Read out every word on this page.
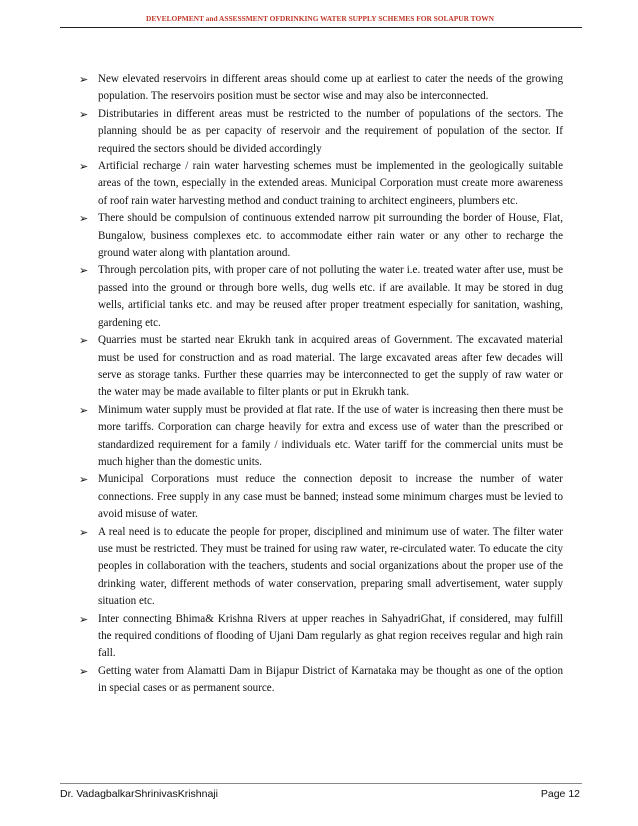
DEVELOPMENT and ASSESSMENT OFDRINKING WATER SUPPLY SCHEMES FOR SOLAPUR TOWN
➢ New elevated reservoirs in different areas should come up at earliest to cater the needs of the growing population. The reservoirs position must be sector wise and may also be interconnected.
➢ Distributaries in different areas must be restricted to the number of populations of the sectors. The planning should be as per capacity of reservoir and the requirement of population of the sector. If required the sectors should be divided accordingly
➢ Artificial recharge / rain water harvesting schemes must be implemented in the geologically suitable areas of the town, especially in the extended areas. Municipal Corporation must create more awareness of roof rain water harvesting method and conduct training to architect engineers, plumbers etc.
➢ There should be compulsion of continuous extended narrow pit surrounding the border of House, Flat, Bungalow, business complexes etc. to accommodate either rain water or any other to recharge the ground water along with plantation around.
➢ Through percolation pits, with proper care of not polluting the water i.e. treated water after use, must be passed into the ground or through bore wells, dug wells etc. if are available. It may be stored in dug wells, artificial tanks etc. and may be reused after proper treatment especially for sanitation, washing, gardening etc.
➢ Quarries must be started near Ekrukh tank in acquired areas of Government. The excavated material must be used for construction and as road material. The large excavated areas after few decades will serve as storage tanks. Further these quarries may be interconnected to get the supply of raw water or the water may be made available to filter plants or put in Ekrukh tank.
➢ Minimum water supply must be provided at flat rate. If the use of water is increasing then there must be more tariffs. Corporation can charge heavily for extra and excess use of water than the prescribed or standardized requirement for a family / individuals etc. Water tariff for the commercial units must be much higher than the domestic units.
➢ Municipal Corporations must reduce the connection deposit to increase the number of water connections. Free supply in any case must be banned; instead some minimum charges must be levied to avoid misuse of water.
➢ A real need is to educate the people for proper, disciplined and minimum use of water. The filter water use must be restricted. They must be trained for using raw water, re-circulated water. To educate the city peoples in collaboration with the teachers, students and social organizations about the proper use of the drinking water, different methods of water conservation, preparing small advertisement, water supply situation etc.
➢ Inter connecting Bhima& Krishna Rivers at upper reaches in SahyadriGhat, if considered, may fulfill the required conditions of flooding of Ujani Dam regularly as ghat region receives regular and high rain fall.
➢ Getting water from Alamatti Dam in Bijapur District of Karnataka may be thought as one of the option in special cases or as permanent source.
Dr. VadagbalkarShrinivasKrishnaji	Page 12
